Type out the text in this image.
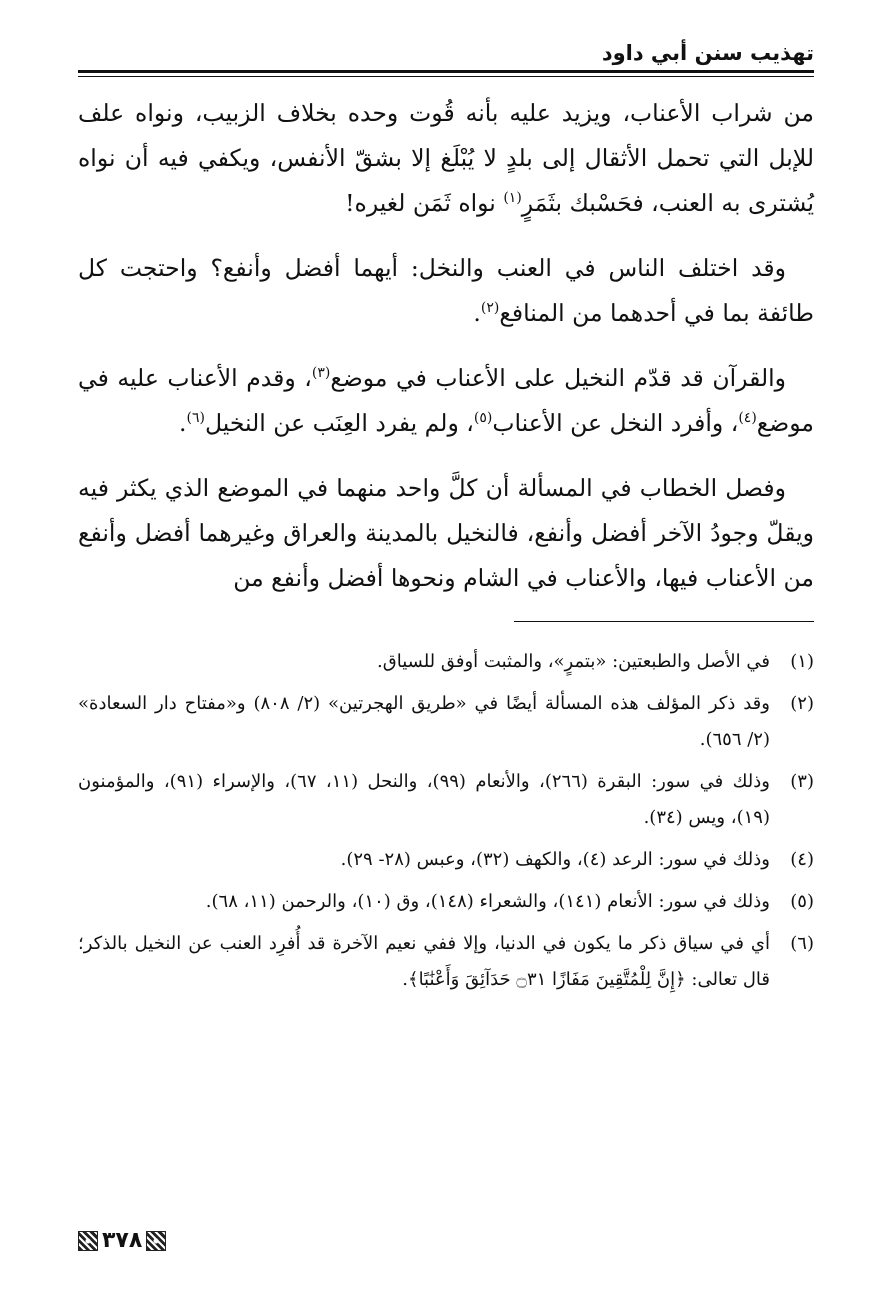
تهذيب سنن أبي داود

من شراب الأعناب، ويزيد عليه بأنه قُوت وحده بخلاف الزبيب، ونواه علف للإبل التي تحمل الأثقال إلى بلدٍ لا يُبْلَغ إلا بشقّ الأنفس، ويكفي فيه أن نواه يُشترى به العنب، فحَسْبك بثَمَرٍ$^{(١)}$ نواه ثَمَن لغيره!

وقد اختلف الناس في العنب والنخل: أيهما أفضل وأنفع؟ واحتجت كل طائفة بما في أحدهما من المنافع$^{(٢)}$.

والقرآن قد قدّم النخيل على الأعناب في موضع$^{(٣)}$، وقدم الأعناب عليه في موضع$^{(٤)}$، وأفرد النخل عن الأعناب$^{(٥)}$، ولم يفرد العِنَب عن النخيل$^{(٦)}$.

وفصل الخطاب في المسألة أن كلَّ واحد منهما في الموضع الذي يكثر فيه ويقلّ وجودُ الآخر أفضل وأنفع، فالنخيل بالمدينة والعراق وغيرهما أفضل وأنفع من الأعناب فيها، والأعناب في الشام ونحوها أفضل وأنفع من

(١)
في الأصل والطبعتين: «بتمرٍ»، والمثبت أوفق للسياق.
(٢)
وقد ذكر المؤلف هذه المسألة أيضًا في «طريق الهجرتين» (٢/ ٨٠٨) و«مفتاح دار السعادة» (٢/ ٦٥٦).
(٣)
وذلك في سور: البقرة (٢٦٦)، والأنعام (٩٩)، والنحل (١١، ٦٧)، والإسراء (٩١)، والمؤمنون (١٩)، ويس (٣٤).
(٤)
وذلك في سور: الرعد (٤)، والكهف (٣٢)، وعبس (٢٨- ٢٩).
(٥)
وذلك في سور: الأنعام (١٤١)، والشعراء (١٤٨)، وق (١٠)، والرحمن (١١، ٦٨).
(٦)
أي في سياق ذكر ما يكون في الدنيا، وإلا ففي نعيم الآخرة قد أُفرِد العنب عن النخيل بالذكر؛ قال تعالى: ﴿إِنَّ لِلْمُتَّقِينَ مَفَازًا ۝٣١ حَدَآئِقَ وَأَعْنَٰبًا﴾.
٣٧٨
